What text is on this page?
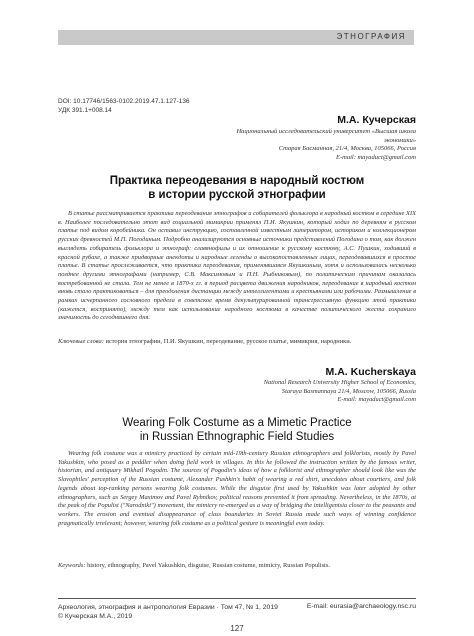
ЭТНОГРАФИЯ
DOI: 10.17746/1563-0102.2019.47.1.127-136
УДК 391.1+008.14
М.А. Кучерская
Национальный исследовательский университет «Высшая школа экономики»
Старая Басманная, 21/4, Москва, 105066, Россия
E-mail: mayaduct@gmail.com
Практика переодевания в народный костюм
в истории русской этнографии
В статье рассматривается практика переодевания этнографов и собирателей фольклора в народный костюм в середине XIX в. Наиболее последовательно этот вид социальной мимикрии применял П.И. Якушкин, который ходил по деревням в русском платье под видом коробейника. Он оставил инструкцию, составленной известным литератором, историком и коллекционером русских древностей М.П. Погодиным. Подробно анализируются основные источники представлений Погодина о том, как должен выглядеть собиратель фольклора и этнограф: славянофилы и их отношение к русскому костюму, А.С. Пушкин, ходивший в красной рубахе, а также придворные анекдоты и народные легенды о высокопоставленных лицах, переодевавшихся в простое платье. В статье прослеживается, что практика переодевания, применявшаяся Якушкиным, хотя и использовалась несколько позднее другими этнографами (например, С.В. Максимовым и П.Н. Рыбниковым), по политическим причинам оказалась востребованной не стала. Тем не менее в 1870-х гг. в период расцвета движения народников, переодевание в народный костюм вновь стало практиковаться – для преодоления дистанции между интеллигентами и крестьянами или рабочими. Размышление в рамках исчерпанного сословного предела в советское время декультурированной трансгрессивную функцию этой практики (кажется, воспринято), между тем как использование народного костюма в качестве политического жеста сохранило значимость до сегодняшнего дня.
Ключевые слова: история этнографии, П.И. Якушкин, переодевание, русское платье, мимикрия, народники.
M.A. Kucherskaya
National Research University Higher School of Economics,
Staraya Basmannaya 21/4, Moscow, 105066, Russia
E-mail: mayaduct@gmail.com
Wearing Folk Costume as a Mimetic Practice
in Russian Ethnographic Field Studies
Wearing folk costume was a mimicry practiced by certain mid-19th-century Russian ethnographers and folklorists, mostly by Pavel Yakushkin, who posed as a peddler when doing field work in villages. In this he followed the instruction written by the famous writer, historian, and antiquary Mikhail Pogodin. The sources of Pogodin's ideas of how a folklorist and ethnographer should look like was the Slavophiles' perception of the Russian costume, Alexander Pushkin's habit of wearing a red shirt, anecdotes about courtiers, and folk legends about top-ranking persons wearing folk costumes. While the disguise first used by Yakushkin was later adopted by other ethnographers, such as Sergey Maximov and Pavel Rybnikov, political reasons prevented it from spreading. Nevertheless, in the 1870s, at the peak of the Populist ("Narodniki") movement, the mimicry re-emerged as a way of bridging the intelligentsia closer to the peasants and workers. The erosion and eventual disappearance of class boundaries in Soviet Russia made such ways of winning confidence pragmatically irrelevant; however, wearing folk costume as a political gesture is meaningful even today.
Keywords: history, ethnography, Pavel Yakushkin, disguise, Russian costume, mimicry, Russian Populists.
Археология, этнография и антропология Евразии · Том 47, № 1, 2019
© Кучерская М.А., 2019
E-mail: eurasia@archaeology.nsc.ru
127
